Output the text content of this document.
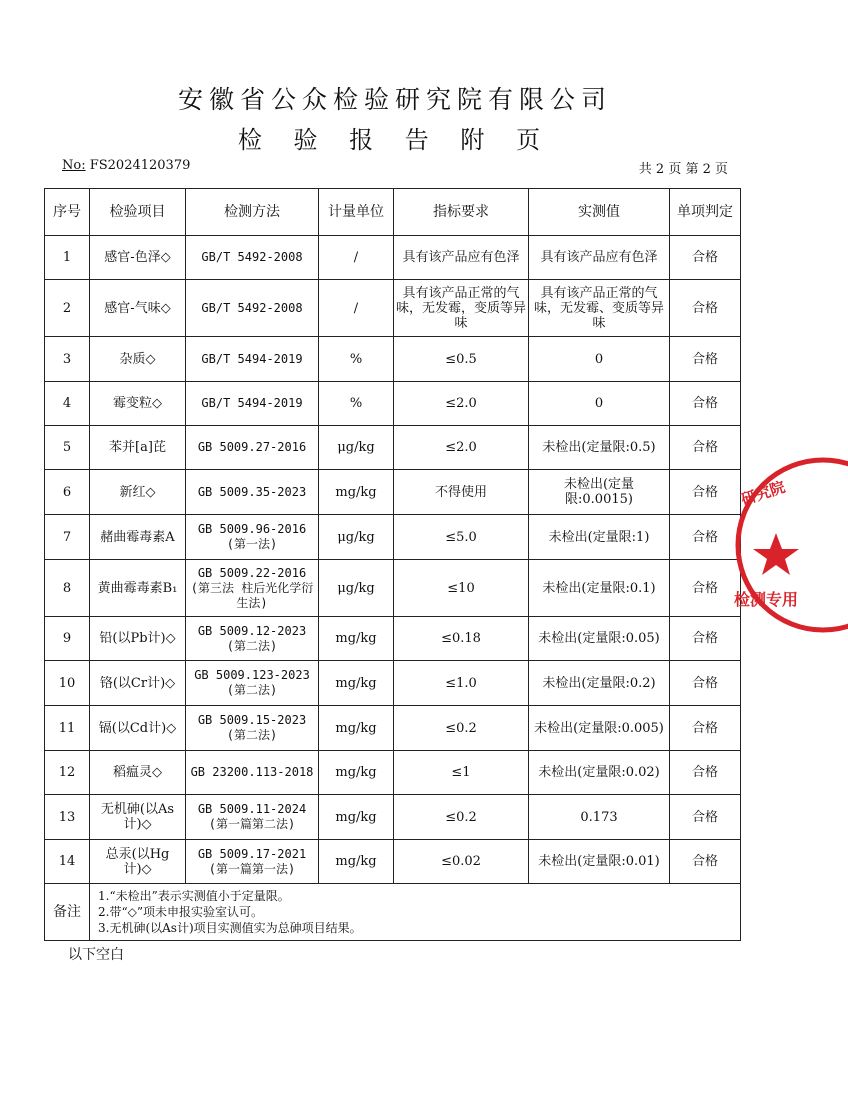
安徽省公众检验研究院有限公司
检 验 报 告 附 页
No: FS2024120379	共 2 页 第 2 页
序号	检验项目	检测方法	计量单位	指标要求	实测值	单项判定
1	感官-色泽◇	GB/T 5492-2008	/	具有该产品应有色泽	具有该产品应有色泽	合格
2	感官-气味◇	GB/T 5492-2008	/	具有该产品正常的气味，无发霉，变质等异味	具有该产品正常的气味，无发霉、变质等异味	合格
3	杂质◇	GB/T 5494-2019	%	≤0.5	0	合格
4	霉变粒◇	GB/T 5494-2019	%	≤2.0	0	合格
5	苯并[a]芘	GB 5009.27-2016	μg/kg	≤2.0	未检出(定量限:0.5)	合格
6	新红◇	GB 5009.35-2023	mg/kg	不得使用	未检出(定量限:0.0015)	合格
7	赭曲霉毒素A	GB 5009.96-2016
(第一法)	μg/kg	≤5.0	未检出(定量限:1)	合格
8	黄曲霉毒素B₁	GB 5009.22-2016
(第三法 柱后光化学衍生法)	μg/kg	≤10	未检出(定量限:0.1)	合格
9	铅(以Pb计)◇	GB 5009.12-2023
(第二法)	mg/kg	≤0.18	未检出(定量限:0.05)	合格
10	铬(以Cr计)◇	GB 5009.123-2023
(第二法)	mg/kg	≤1.0	未检出(定量限:0.2)	合格
11	镉(以Cd计)◇	GB 5009.15-2023
(第二法)	mg/kg	≤0.2	未检出(定量限:0.005)	合格
12	稻瘟灵◇	GB 23200.113-2018	mg/kg	≤1	未检出(定量限:0.02)	合格
13	无机砷(以As计)◇	GB 5009.11-2024
(第一篇第二法)	mg/kg	≤0.2	0.173	合格
14	总汞(以Hg计)◇	GB 5009.17-2021
(第一篇第一法)	mg/kg	≤0.02	未检出(定量限:0.01)	合格
备注	1.“未检出”表示实测值小于定量限。
2.带“◇”项未申报实验室认可。
3.无机砷(以As计)项目实测值实为总砷项目结果。					
以下空白
研究院
检测专用
